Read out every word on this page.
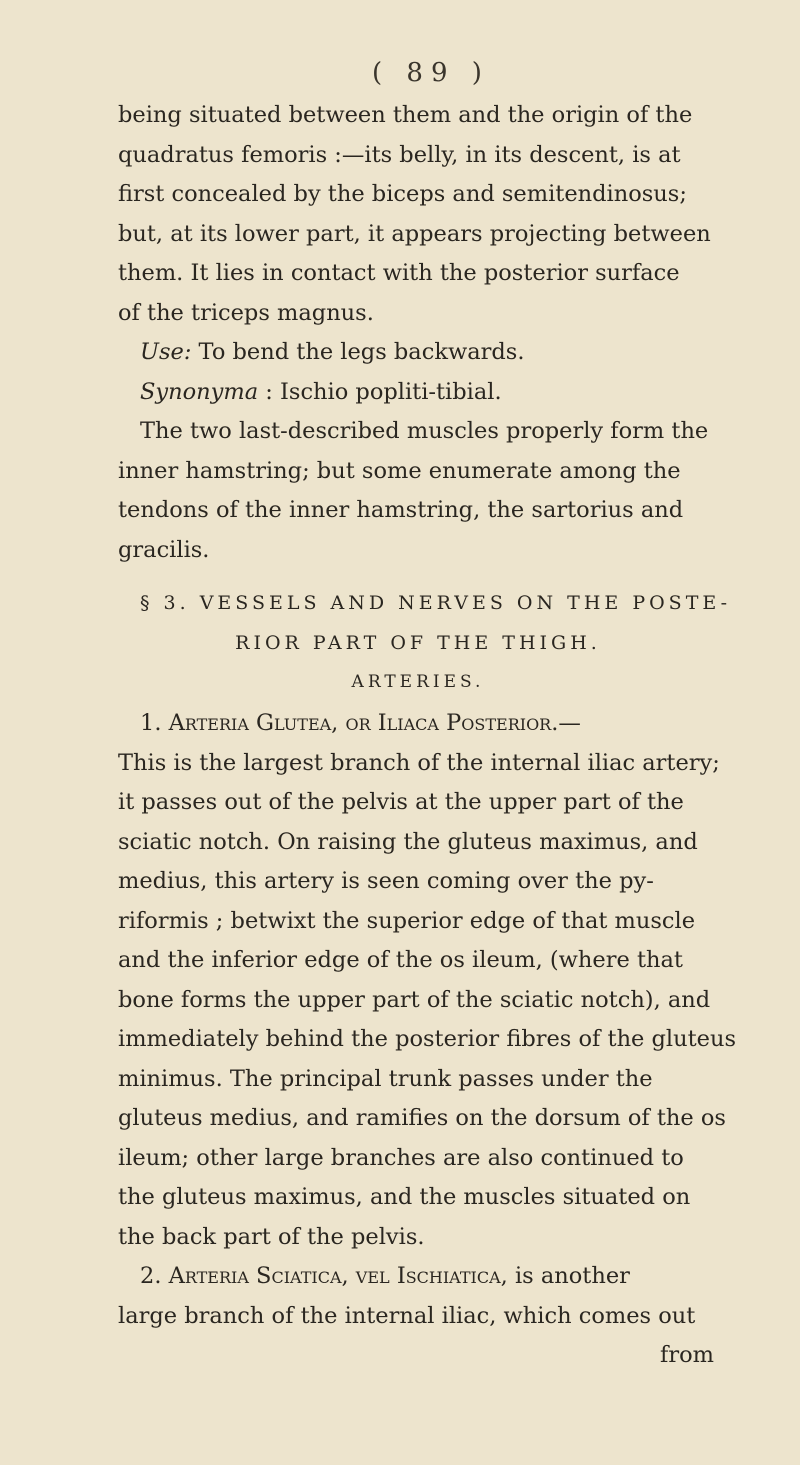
( 89 )
being situated between them and the origin of the
quadratus femoris :—its belly, in its descent, is at
first concealed by the biceps and semitendinosus;
but, at its lower part, it appears projecting between
them. It lies in contact with the posterior surface
of the triceps magnus.
Use: To bend the legs backwards.
Synonyma : Ischio popliti-tibial.
The two last-described muscles properly form the
inner hamstring; but some enumerate among the
tendons of the inner hamstring, the sartorius and
gracilis.
§ 3. VESSELS AND NERVES ON THE POSTE-
RIOR PART OF THE THIGH.
ARTERIES.
1. Arteria Glutea, or Iliaca Posterior.—
This is the largest branch of the internal iliac artery;
it passes out of the pelvis at the upper part of the
sciatic notch. On raising the gluteus maximus, and
medius, this artery is seen coming over the py-
riformis ; betwixt the superior edge of that muscle
and the inferior edge of the os ileum, (where that
bone forms the upper part of the sciatic notch), and
immediately behind the posterior fibres of the gluteus
minimus. The principal trunk passes under the
gluteus medius, and ramifies on the dorsum of the os
ileum; other large branches are also continued to
the gluteus maximus, and the muscles situated on
the back part of the pelvis.
2. Arteria Sciatica, vel Ischiatica, is another
large branch of the internal iliac, which comes out
from
